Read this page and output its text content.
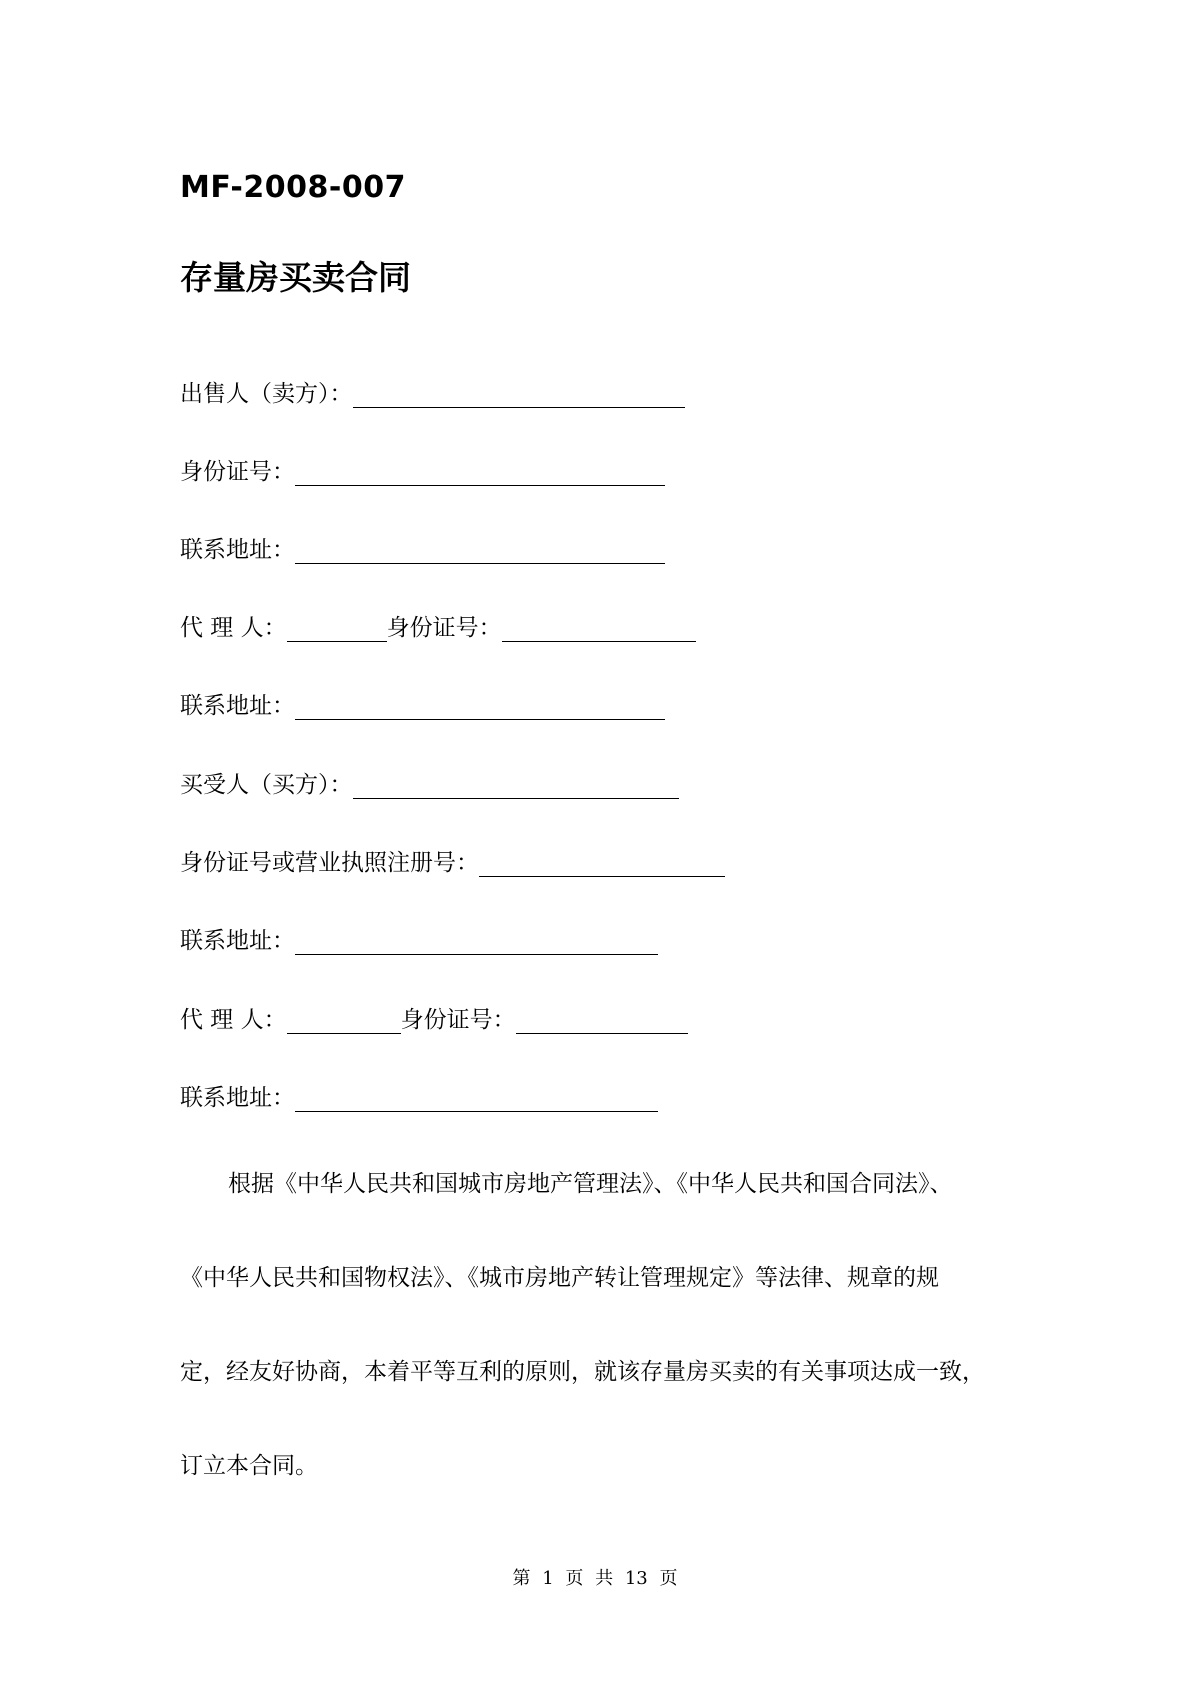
MF-2008-007
存量房买卖合同
出售人（卖方）：
身份证号：
联系地址：
代 理 人：	身份证号：
联系地址：
买受人（买方）：
身份证号或营业执照注册号：
联系地址：
代 理 人：	身份证号：
联系地址：
根据《中华人民共和国城市房地产管理法》、《中华人民共和国合同法》、
《中华人民共和国物权法》、《城市房地产转让管理规定》等法律、规章的规
定，经友好协商，本着平等互利的原则，就该存量房买卖的有关事项达成一致，
订立本合同。
第 1 页 共 13 页
